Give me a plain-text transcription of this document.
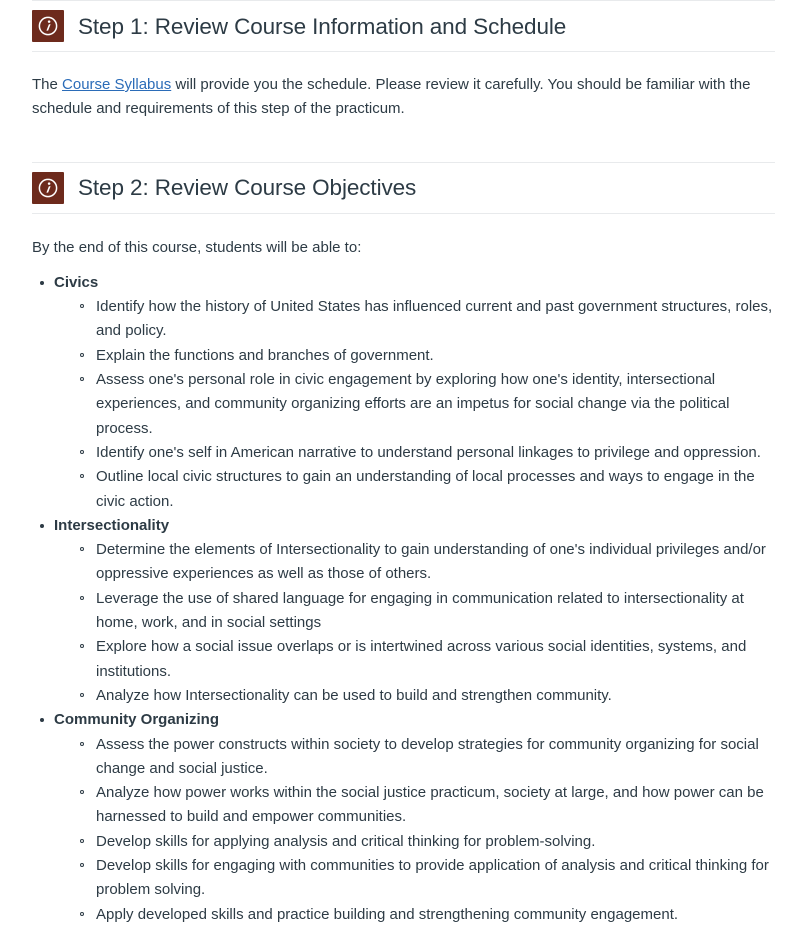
Step 1: Review Course Information and Schedule

The Course Syllabus will provide you the schedule. Please review it carefully. You should be familiar with the schedule and requirements of this step of the practicum.

Step 2: Review Course Objectives

By the end of this course, students will be able to:

Civics
Identify how the history of United States has influenced current and past government structures, roles, and policy.
Explain the functions and branches of government.
Assess one's personal role in civic engagement by exploring how one's identity, intersectional experiences, and community organizing efforts are an impetus for social change via the political process.
Identify one's self in American narrative to understand personal linkages to privilege and oppression.
Outline local civic structures to gain an understanding of local processes and ways to engage in the civic action.
Intersectionality
Determine the elements of Intersectionality to gain understanding of one's individual privileges and/or oppressive experiences as well as those of others.
Leverage the use of shared language for engaging in communication related to intersectionality at home, work, and in social settings
Explore how a social issue overlaps or is intertwined across various social identities, systems, and institutions.
Analyze how Intersectionality can be used to build and strengthen community.
Community Organizing
Assess the power constructs within society to develop strategies for community organizing for social change and social justice.
Analyze how power works within the social justice practicum, society at large, and how power can be harnessed to build and empower communities.
Develop skills for applying analysis and critical thinking for problem-solving.
Develop skills for engaging with communities to provide application of analysis and critical thinking for problem solving.
Apply developed skills and practice building and strengthening community engagement.
